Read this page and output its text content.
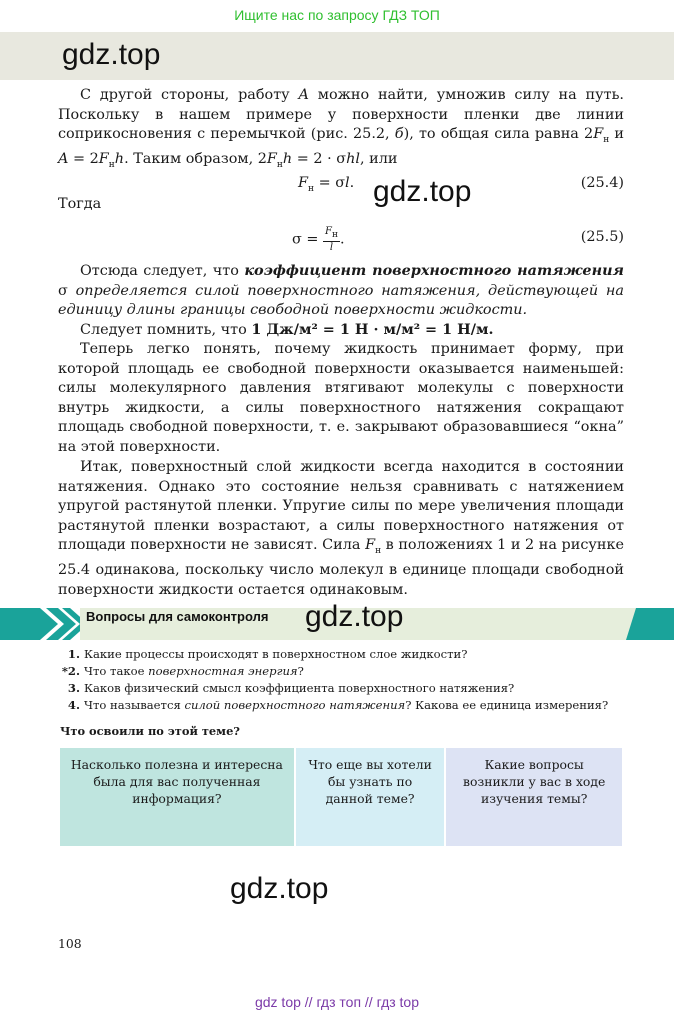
Ищите нас по запросу ГДЗ ТОП
gdz.top
С другой стороны, работу A можно найти, умножив силу на путь. Поскольку в нашем примере у поверхности пленки две линии соприкосновения с перемычкой (рис. 25.2, б), то общая сила равна $2F_н$ и $A = 2F_нh$. Таким образом, $2F_нh = 2 \cdot \sigma hl$, или
$F_н = \sigma l$.	(25.4)
gdz.top
Тогда
$\sigma = \frac{F_н}{l}$ .	(25.5)
Отсюда следует, что коэффициент поверхностного натяжения σ определяется силой поверхностного натяжения, действующей на единицу длины границы свободной поверхности жидкости.
Следует помнить, что 1 Дж/м² = 1 Н · м/м² = 1 Н/м.
Теперь легко понять, почему жидкость принимает форму, при которой площадь ее свободной поверхности оказывается наименьшей: силы молекулярного давления втягивают молекулы с поверхности внутрь жидкости, а силы поверхностного натяжения сокращают площадь свободной поверхности, т. е. закрывают образовавшиеся “окна” на этой поверхности.
Итак, поверхностный слой жидкости всегда находится в состоянии натяжения. Однако это состояние нельзя сравнивать с натяжением упругой растянутой пленки. Упругие силы по мере увеличения площади растянутой пленки возрастают, а силы поверхностного натяжения от площади поверхности не зависят. Сила $F_н$ в положениях 1 и 2 на рисунке 25.4 одинакова, поскольку число молекул в единице площади свободной поверхности жидкости остается одинаковым.
Вопросы для самоконтроля gdz.top
1. Какие процессы происходят в поверхностном слое жидкости?
*2. Что такое поверхностная энергия?
3. Каков физический смысл коэффициента поверхностного натяжения?
4. Что называется силой поверхностного натяжения? Какова ее единица измерения?
Что освоили по этой теме?
Насколько полезна и интересна была для вас полученная информация?	Что еще вы хотели бы узнать по данной теме?	Какие вопросы возникли у вас в ходе изучения темы?

gdz.top
108
gdz top // гдз топ // гдз top
